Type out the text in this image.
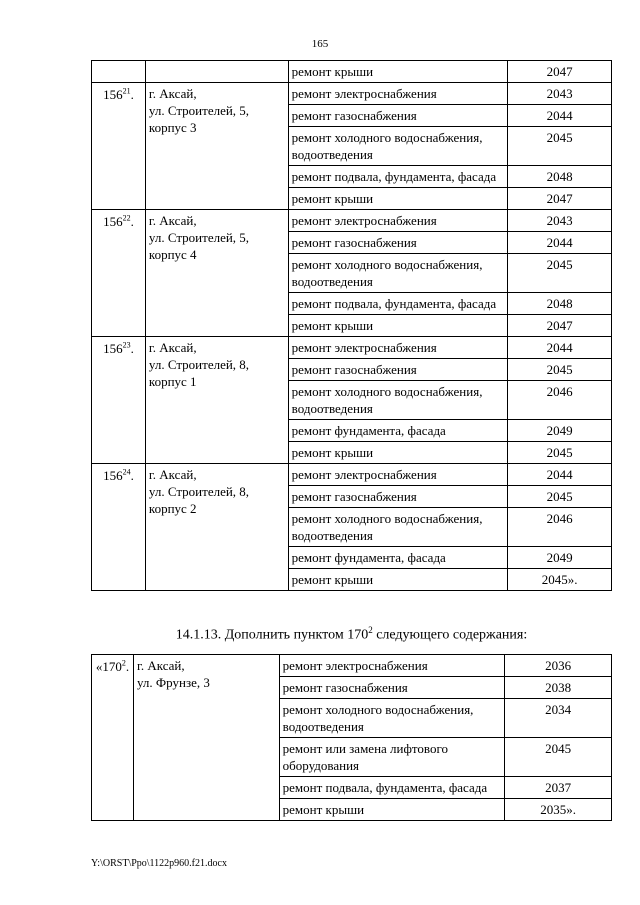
165
		ремонт крыши	2047
$156^{21}$.	г. Аксай,
ул. Строителей, 5,
корпус 3	ремонт электроснабжения	2043
		ремонт газоснабжения	2044
		ремонт холодного водоснабжения, водоотведения	2045
		ремонт подвала, фундамента, фасада	2048
		ремонт крыши	2047
$156^{22}$.	г. Аксай,
ул. Строителей, 5,
корпус 4	ремонт электроснабжения	2043
		ремонт газоснабжения	2044
		ремонт холодного водоснабжения, водоотведения	2045
		ремонт подвала, фундамента, фасада	2048
		ремонт крыши	2047
$156^{23}$.	г. Аксай,
ул. Строителей, 8,
корпус 1	ремонт электроснабжения	2044
		ремонт газоснабжения	2045
		ремонт холодного водоснабжения, водоотведения	2046
		ремонт фундамента, фасада	2049
		ремонт крыши	2045
$156^{24}$.	г. Аксай,
ул. Строителей, 8,
корпус 2	ремонт электроснабжения	2044
		ремонт газоснабжения	2045
		ремонт холодного водоснабжения, водоотведения	2046
		ремонт фундамента, фасада	2049
		ремонт крыши	2045».
14.1.13. Дополнить пунктом $170^2$ следующего содержания:
«$170^2$.	г. Аксай,
ул. Фрунзе, 3	ремонт электроснабжения	2036
		ремонт газоснабжения	2038
		ремонт холодного водоснабжения, водоотведения	2034
		ремонт или замена лифтового оборудования	2045
		ремонт подвала, фундамента, фасада	2037
		ремонт крыши	2035».
Y:\ORST\Ppo\1122p960.f21.docx
